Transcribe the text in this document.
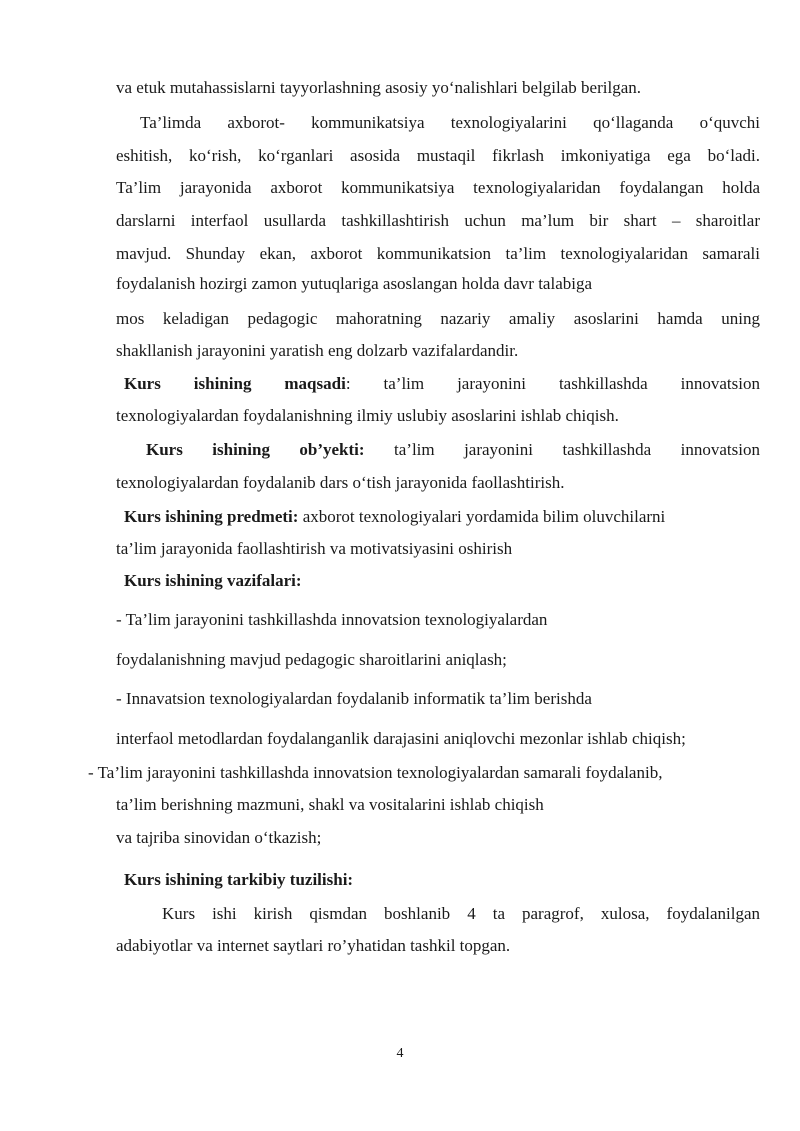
va etuk mutahassislarni tayyorlashning asosiy yo‘nalishlari belgilab berilgan.
Ta’limda axborot- kommunikatsiya texnologiyalarini qo‘llaganda o‘quvchi
eshitish, ko‘rish, ko‘rganlari asosida mustaqil fikrlash imkoniyatiga ega bo‘ladi.
Ta’lim jarayonida axborot kommunikatsiya texnologiyalaridan foydalangan holda
darslarni interfaol usullarda tashkillashtirish uchun ma’lum bir shart – sharoitlar
mavjud. Shunday ekan, axborot kommunikatsion ta’lim texnologiyalaridan samarali
foydalanish hozirgi zamon yutuqlariga asoslangan holda davr talabiga
mos keladigan pedagogic mahoratning nazariy amaliy asoslarini hamda uning
shakllanish jarayonini yaratish eng dolzarb vazifalardandir.
Kurs ishining maqsadi: ta’lim jarayonini tashkillashda innovatsion
texnologiyalardan foydalanishning ilmiy uslubiy asoslarini ishlab chiqish.
Kurs ishining ob’yekti: ta’lim jarayonini tashkillashda innovatsion
texnologiyalardan foydalanib dars o‘tish jarayonida faollashtirish.
Kurs ishining predmeti: axborot texnologiyalari yordamida bilim oluvchilarni
ta’lim jarayonida faollashtirish va motivatsiyasini oshirish
Kurs ishining vazifalari:
- Ta’lim jarayonini tashkillashda innovatsion texnologiyalardan
foydalanishning mavjud pedagogic sharoitlarini aniqlash;
- Innavatsion texnologiyalardan foydalanib informatik ta’lim berishda
interfaol metodlardan foydalanganlik darajasini aniqlovchi mezonlar ishlab chiqish;
- Ta’lim jarayonini tashkillashda innovatsion texnologiyalardan samarali foydalanib,
ta’lim berishning mazmuni, shakl va vositalarini ishlab chiqish
va tajriba sinovidan o‘tkazish;
Kurs ishining tarkibiy tuzilishi:
Kurs ishi kirish qismdan boshlanib 4 ta paragrof, xulosa, foydalanilgan
adabiyotlar va internet saytlari ro’yhatidan tashkil topgan.
4
